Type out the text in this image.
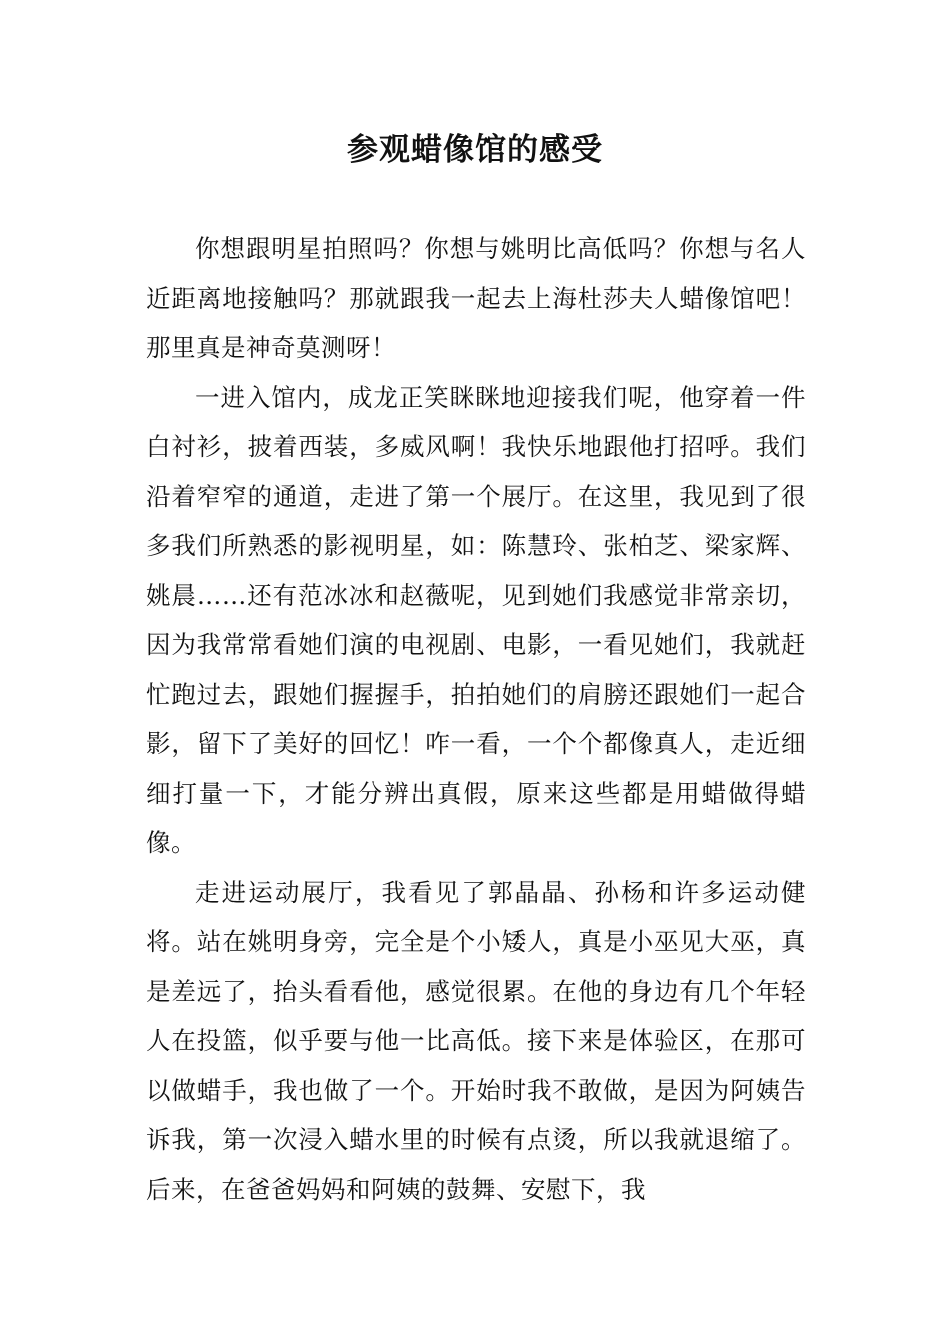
参观蜡像馆的感受

你想跟明星拍照吗？你想与姚明比高低吗？你想与名人近距离地接触吗？那就跟我一起去上海杜莎夫人蜡像馆吧！那里真是神奇莫测呀！

一进入馆内，成龙正笑眯眯地迎接我们呢，他穿着一件白衬衫，披着西装，多威风啊！我快乐地跟他打招呼。我们沿着窄窄的通道，走进了第一个展厅。在这里，我见到了很多我们所熟悉的影视明星，如：陈慧玲、张柏芝、梁家辉、姚晨……还有范冰冰和赵薇呢，见到她们我感觉非常亲切，因为我常常看她们演的电视剧、电影，一看见她们，我就赶忙跑过去，跟她们握握手，拍拍她们的肩膀还跟她们一起合影，留下了美好的回忆！咋一看，一个个都像真人，走近细细打量一下，才能分辨出真假，原来这些都是用蜡做得蜡像。

走进运动展厅，我看见了郭晶晶、孙杨和许多运动健将。站在姚明身旁，完全是个小矮人，真是小巫见大巫，真是差远了，抬头看看他，感觉很累。在他的身边有几个年轻人在投篮，似乎要与他一比高低。接下来是体验区，在那可以做蜡手，我也做了一个。开始时我不敢做，是因为阿姨告诉我，第一次浸入蜡水里的时候有点烫，所以我就退缩了。后来，在爸爸妈妈和阿姨的鼓舞、安慰下，我
